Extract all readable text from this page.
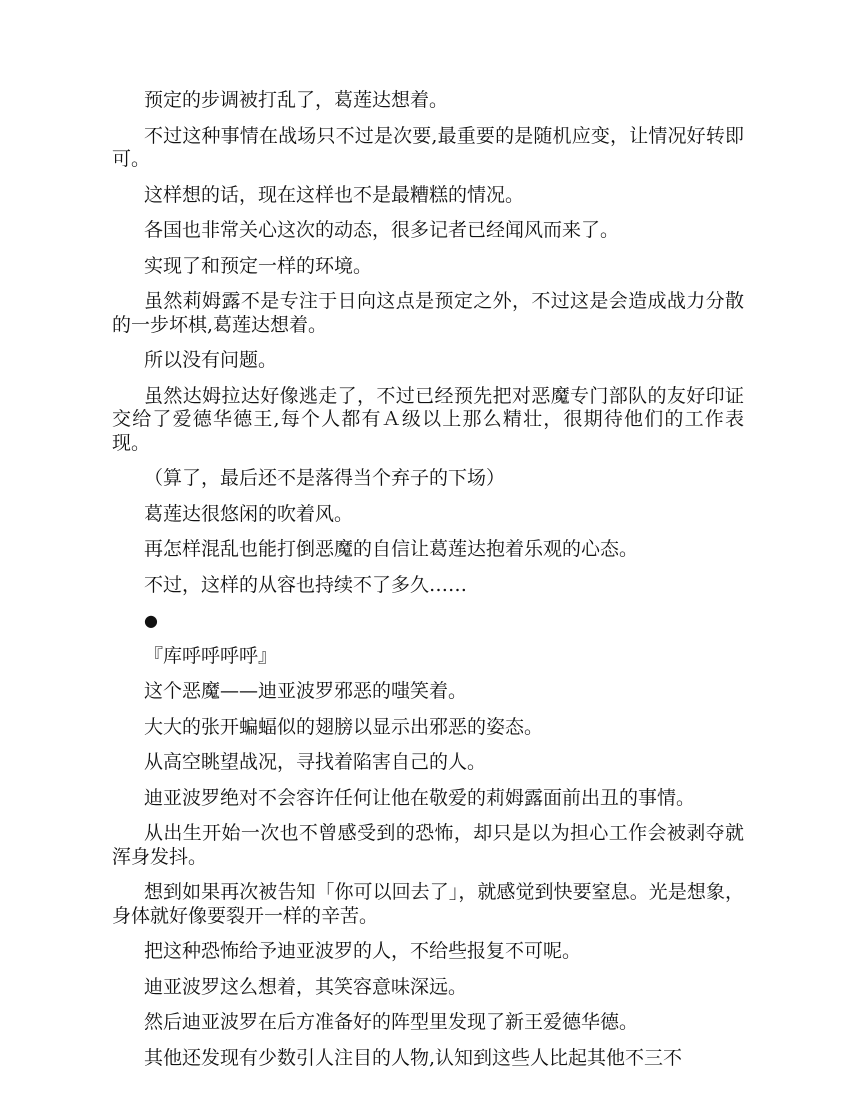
预定的步调被打乱了，葛莲达想着。

不过这种事情在战场只不过是次要,最重要的是随机应变，让情况好转即可。

这样想的话，现在这样也不是最糟糕的情况。

各国也非常关心这次的动态，很多记者已经闻风而来了。

实现了和预定一样的环境。

虽然莉姆露不是专注于日向这点是预定之外，不过这是会造成战力分散的一步坏棋,葛莲达想着。

所以没有问题。

虽然达姆拉达好像逃走了，不过已经预先把对恶魔专门部队的友好印证交给了爱德华德王,每个人都有Ａ级以上那么精壮，很期待他们的工作表现。

（算了，最后还不是落得当个弃子的下场）

葛莲达很悠闲的吹着风。

再怎样混乱也能打倒恶魔的自信让葛莲达抱着乐观的心态。

不过，这样的从容也持续不了多久……

●

『库呼呼呼呼』

这个恶魔——迪亚波罗邪恶的嗤笑着。

大大的张开蝙蝠似的翅膀以显示出邪恶的姿态。

从高空眺望战况，寻找着陷害自己的人。

迪亚波罗绝对不会容许任何让他在敬爱的莉姆露面前出丑的事情。

从出生开始一次也不曾感受到的恐怖，却只是以为担心工作会被剥夺就浑身发抖。

想到如果再次被告知「你可以回去了」，就感觉到快要窒息。光是想象，身体就好像要裂开一样的辛苦。

把这种恐怖给予迪亚波罗的人，不给些报复不可呢。

迪亚波罗这么想着，其笑容意味深远。

然后迪亚波罗在后方准备好的阵型里发现了新王爱德华德。

其他还发现有少数引人注目的人物,认知到这些人比起其他不三不
